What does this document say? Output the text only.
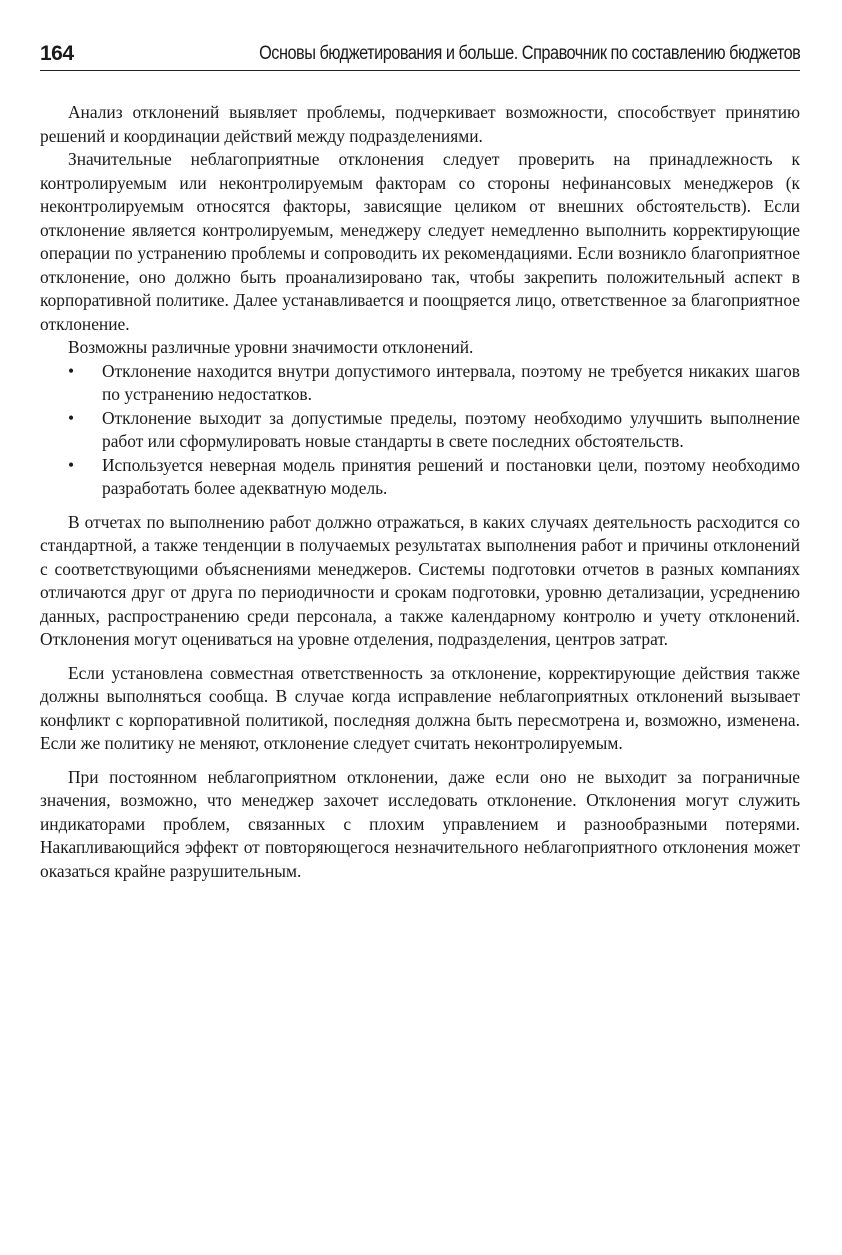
164	Основы бюджетирования и больше. Справочник по составлению бюджетов

Анализ отклонений выявляет проблемы, подчеркивает возможности, способствует принятию решений и координации действий между подразделениями.

Значительные неблагоприятные отклонения следует проверить на принадлежность к контролируемым или неконтролируемым факторам со стороны нефинансовых менеджеров (к неконтролируемым относятся факторы, зависящие целиком от внешних обстоятельств). Если отклонение является контролируемым, менеджеру следует немедленно выполнить корректирующие операции по устранению проблемы и сопроводить их рекомендациями. Если возникло благоприятное отклонение, оно должно быть проанализировано так, чтобы закрепить положительный аспект в корпоративной политике. Далее устанавливается и поощряется лицо, ответственное за благоприятное отклонение.

Возможны различные уровни значимости отклонений.

• Отклонение находится внутри допустимого интервала, поэтому не требуется никаких шагов по устранению недостатков.
• Отклонение выходит за допустимые пределы, поэтому необходимо улучшить выполнение работ или сформулировать новые стандарты в свете последних обстоятельств.
• Используется неверная модель принятия решений и постановки цели, поэтому необходимо разработать более адекватную модель.

В отчетах по выполнению работ должно отражаться, в каких случаях деятельность расходится со стандартной, а также тенденции в получаемых результатах выполнения работ и причины отклонений с соответствующими объяснениями менеджеров. Системы подготовки отчетов в разных компаниях отличаются друг от друга по периодичности и срокам подготовки, уровню детализации, усреднению данных, распространению среди персонала, а также календарному контролю и учету отклонений. Отклонения могут оцениваться на уровне отделения, подразделения, центров затрат.

Если установлена совместная ответственность за отклонение, корректирующие действия также должны выполняться сообща. В случае когда исправление неблагоприятных отклонений вызывает конфликт с корпоративной политикой, последняя должна быть пересмотрена и, возможно, изменена. Если же политику не меняют, отклонение следует считать неконтролируемым.

При постоянном неблагоприятном отклонении, даже если оно не выходит за пограничные значения, возможно, что менеджер захочет исследовать отклонение. Отклонения могут служить индикаторами проблем, связанных с плохим управлением и разнообразными потерями. Накапливающийся эффект от повторяющегося незначительного неблагоприятного отклонения может оказаться крайне разрушительным.
